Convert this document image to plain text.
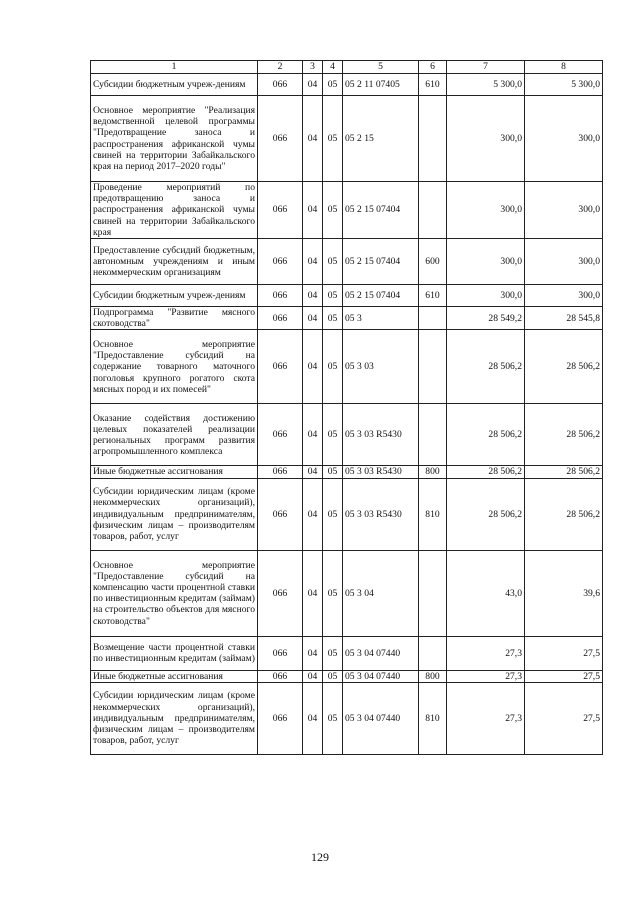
1	2	3	4	5	6	7	8
Субсидии бюджетным учреж-дениям	066	04	05	05 2 11 07405	610	5 300,0	5 300,0
Основное мероприятие "Реализация ведомственной целевой программы "Предотвращение заноса и распространения африканской чумы свиней на территории Забайкальского края на период 2017–2020 годы"	066	04	05	05 2 15		300,0	300,0
Проведение мероприятий по предотвращению заноса и распространения африканской чумы свиней на территории Забайкальского края	066	04	05	05 2 15 07404		300,0	300,0
Предоставление субсидий бюджетным, автономным учреждениям и иным некоммерческим организациям	066	04	05	05 2 15 07404	600	300,0	300,0
Субсидии бюджетным учреж-дениям	066	04	05	05 2 15 07404	610	300,0	300,0
Подпрограмма "Развитие мясного скотоводства"	066	04	05	05 3		28 549,2	28 545,8
Основное мероприятие "Предоставление субсидий на содержание товарного маточного поголовья крупного рогатого скота мясных пород и их помесей"	066	04	05	05 3 03		28 506,2	28 506,2
Оказание содействия достижению целевых показателей реализации региональных программ развития агропромышленного комплекса	066	04	05	05 3 03 R5430		28 506,2	28 506,2
Иные бюджетные ассигнования	066	04	05	05 3 03 R5430	800	28 506,2	28 506,2
Субсидии юридическим лицам (кроме некоммерческих организаций), индивидуальным предпринимателям, физическим лицам – производителям товаров, работ, услуг	066	04	05	05 3 03 R5430	810	28 506,2	28 506,2
Основное мероприятие "Предоставление субсидий на компенсацию части процентной ставки по инвестиционным кредитам (займам) на строительство объектов для мясного скотоводства"	066	04	05	05 3 04		43,0	39,6
Возмещение части процентной ставки по инвестиционным кредитам (займам)	066	04	05	05 3 04 07440		27,3	27,5
Иные бюджетные ассигнования	066	04	05	05 3 04 07440	800	27,3	27,5
Субсидии юридическим лицам (кроме некоммерческих организаций), индивидуальным предпринимателям, физическим лицам – производителям товаров, работ, услуг	066	04	05	05 3 04 07440	810	27,3	27,5
129
